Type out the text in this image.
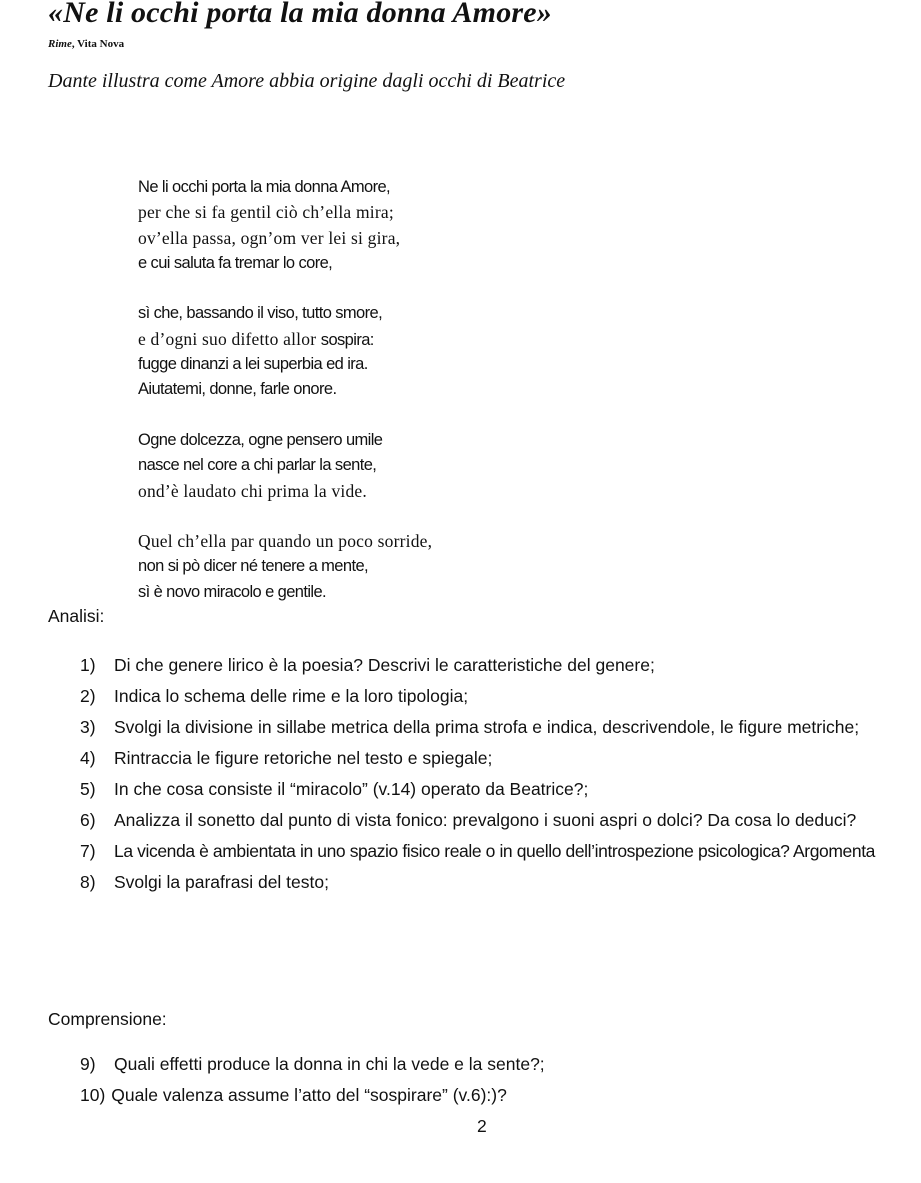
«Ne li occhi porta la mia donna Amore»
Rime, Vita Nova
Dante illustra come Amore abbia origine dagli occhi di Beatrice
Ne li occhi porta la mia donna Amore,
per che si fa gentil ciò ch’ella mira;
ov’ella passa, ogn’om ver lei si gira,
e cui saluta fa tremar lo core,
sì che, bassando il viso, tutto smore,
e d’ogni suo difetto allor sospira:
fugge dinanzi a lei superbia ed ira.
Aiutatemi, donne, farle onore.
Ogne dolcezza, ogne pensero umile
nasce nel core a chi parlar la sente,
ond’è laudato chi prima la vide.
Quel ch’ella par quando un poco sorride,
non si pò dicer né tenere a mente,
sì è novo miracolo e gentile.
Analisi:
1)	Di che genere lirico è la poesia? Descrivi le caratteristiche del genere;
2)	Indica lo schema delle rime e la loro tipologia;
3)	Svolgi la divisione in sillabe metrica della prima strofa e indica, descrivendole, le figure metriche;
4)	Rintraccia le figure retoriche nel testo e spiegale;
5)	In che cosa consiste il “miracolo” (v.14) operato da Beatrice?;
6)	Analizza il sonetto dal punto di vista fonico: prevalgono i suoni aspri o dolci? Da cosa lo deduci?
7)	La vicenda è ambientata in uno spazio fisico reale o in quello dell’introspezione psicologica? Argomenta
8)	Svolgi la parafrasi del testo;
Comprensione:
9)	Quali effetti produce la donna in chi la vede e la sente?;
10) Quale valenza assume l’atto del “sospirare” (v.6):)?
2
